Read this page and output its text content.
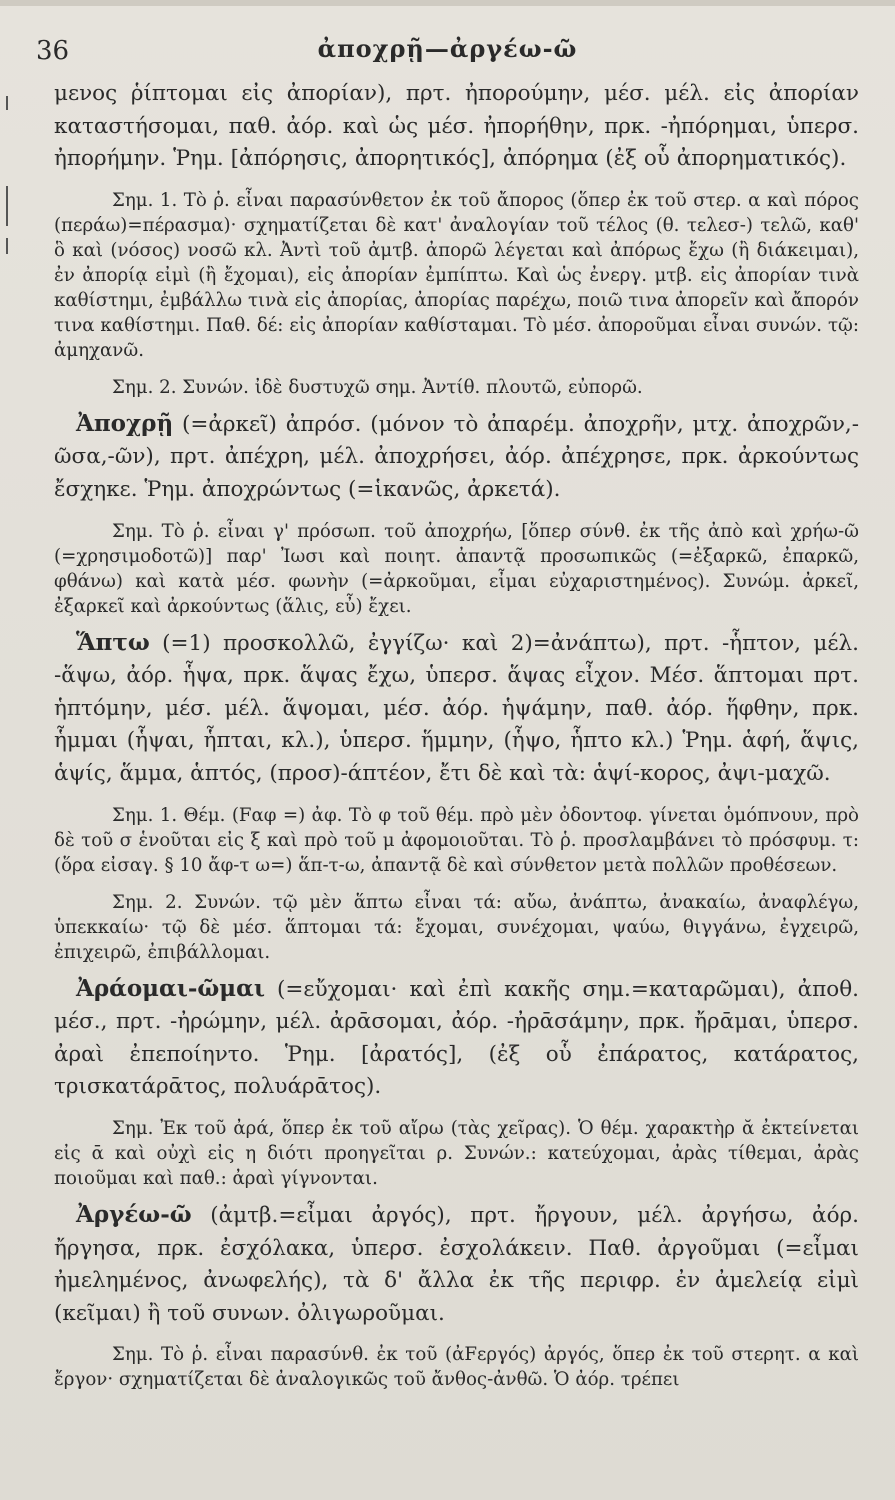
36	ἀποχρῇ—ἀργέω-ῶ

μενος ῥίπτομαι εἰς ἀπορίαν), πρτ. ἠπορούμην, μέσ. μέλ. εἰς ἀπορίαν καταστήσομαι, παθ. ἀόρ. καὶ ὡς μέσ. ἠπορήθην, πρκ. -ἠπόρημαι, ὑπερσ. ἠπορήμην. Ῥημ. [ἀπόρησις, ἀπορητικός], ἀπόρημα (ἐξ οὗ ἀπορηματικός).

Σημ. 1. Τὸ ῥ. εἶναι παρασύνθετον ἐκ τοῦ ἄπορος (ὅπερ ἐκ τοῦ στερ. α καὶ πόρος (περάω)=πέρασμα)· σχηματίζεται δὲ κατ' ἀναλογίαν τοῦ τέλος (θ. τελεσ-) τελῶ, καθ' ὃ καὶ (νόσος) νοσῶ κλ. Ἀντὶ τοῦ ἀμτβ. ἀπορῶ λέγεται καὶ ἀπόρως ἔχω (ἢ διάκειμαι), ἐν ἀπορίᾳ εἰμὶ (ἢ ἔχομαι), εἰς ἀπορίαν ἐμπίπτω. Καὶ ὡς ἐνεργ. μτβ. εἰς ἀπορίαν τινὰ καθίστημι, ἐμβάλλω τινὰ εἰς ἀπορίας, ἀπορίας παρέχω, ποιῶ τινα ἀπορεῖν καὶ ἄπορόν τινα καθίστημι. Παθ. δέ: εἰς ἀπορίαν καθίσταμαι. Τὸ μέσ. ἀποροῦμαι εἶναι συνών. τῷ: ἀμηχανῶ.

Σημ. 2. Συνών. ἰδὲ δυστυχῶ σημ. Ἀντίθ. πλουτῶ, εὐπορῶ.

Ἀποχρῇ (=ἀρκεῖ) ἀπρόσ. (μόνον τὸ ἀπαρέμ. ἀποχρῆν, μτχ. ἀποχρῶν,-ῶσα,-ῶν), πρτ. ἀπέχρη, μέλ. ἀποχρήσει, ἀόρ. ἀπέχρησε, πρκ. ἀρκούντως ἔσχηκε. Ῥημ. ἀποχρώντως (=ἱκανῶς, ἀρκετά).

Σημ. Τὸ ῥ. εἶναι γ' πρόσωπ. τοῦ ἀποχρήω, [ὅπερ σύνθ. ἐκ τῆς ἀπὸ καὶ χρήω-ῶ (=χρησιμοδοτῶ)] παρ' Ἰωσι καὶ ποιητ. ἀπαντᾷ προσωπικῶς (=ἐξαρκῶ, ἐπαρκῶ, φθάνω) καὶ κατὰ μέσ. φωνὴν (=ἀρκοῦμαι, εἶμαι εὐχαριστημένος). Συνώμ. ἀρκεῖ, ἐξαρκεῖ καὶ ἀρκούντως (ἅλις, εὖ) ἔχει.

Ἅπτω (=1) προσκολλῶ, ἐγγίζω· καὶ 2)=ἀνάπτω), πρτ. -ἧπτον, μέλ. -ἅψω, ἀόρ. ἧψα, πρκ. ἅψας ἔχω, ὑπερσ. ἅψας εἶχον. Μέσ. ἅπτομαι πρτ. ἡπτόμην, μέσ. μέλ. ἅψομαι, μέσ. ἀόρ. ἡψάμην, παθ. ἀόρ. ἥφθην, πρκ. ἧμμαι (ἧψαι, ἧπται, κλ.), ὑπερσ. ἥμμην, (ἧψο, ἧπτο κλ.) Ῥημ. ἁφή, ἅψις, ἁψίς, ἅμμα, ἁπτός, (προσ)-άπτέον, ἔτι δὲ καὶ τὰ: ἁψί-κορος, ἀψι-μαχῶ.

Σημ. 1. Θέμ. (Fαφ =) ἀφ. Τὸ φ τοῦ θέμ. πρὸ μὲν ὀδοντοφ. γίνεται ὁμόπνουν, πρὸ δὲ τοῦ σ ἑνοῦται εἰς ξ καὶ πρὸ τοῦ μ ἀφομοιοῦται. Τὸ ῥ. προσλαμβάνει τὸ πρόσφυμ. τ: (ὅρα εἰσαγ. § 10 ἄφ-τ ω=) ἅπ-τ-ω, ἀπαντᾷ δὲ καὶ σύνθετον μετὰ πολλῶν προθέσεων.

Σημ. 2. Συνών. τῷ μὲν ἅπτω εἶναι τά: αὔω, ἀνάπτω, ἀνακαίω, ἀναφλέγω, ὑπεκκαίω· τῷ δὲ μέσ. ἅπτομαι τά: ἔχομαι, συνέχομαι, ψαύω, θιγγάνω, ἐγχειρῶ, ἐπιχειρῶ, ἐπιβάλλομαι.

Ἀράομαι-ῶμαι (=εὔχομαι· καὶ ἐπὶ κακῆς σημ.=καταρῶμαι), ἀποθ. μέσ., πρτ. -ἠρώμην, μέλ. ἀρᾱσομαι, ἀόρ. -ἠρᾱσάμην, πρκ. ἤρᾱμαι, ὑπερσ. ἀραὶ ἐπεποίηντο. Ῥημ. [ἀρατός], (ἐξ οὗ ἐπάρατος, κατάρατος, τρισκατάρᾱτος, πολυάρᾱτος).

Σημ. Ἐκ τοῦ ἀρά, ὅπερ ἐκ τοῦ αἴρω (τὰς χεῖρας). Ὁ θέμ. χαρακτὴρ ᾰ ἐκτείνεται εἰς ᾱ καὶ οὐχὶ εἰς η διότι προηγεῖται ρ. Συνών.: κατεύχομαι, ἀρὰς τίθεμαι, ἀρὰς ποιοῦμαι καὶ παθ.: ἀραὶ γίγνονται.

Ἀργέω-ῶ (ἀμτβ.=εἶμαι ἀργός), πρτ. ἤργουν, μέλ. ἀργήσω, ἀόρ. ἤργησα, πρκ. ἐσχόλακα, ὑπερσ. ἐσχολάκειν. Παθ. ἀργοῦμαι (=εἶμαι ἠμελημένος, ἀνωφελής), τὰ δ' ἄλλα ἐκ τῆς περιφρ. ἐν ἀμελείᾳ εἰμὶ (κεῖμαι) ἢ τοῦ συνων. ὀλιγωροῦμαι.

Σημ. Τὸ ῥ. εἶναι παρασύνθ. ἐκ τοῦ (ἀFεργός) ἀργός, ὅπερ ἐκ τοῦ στερητ. α καὶ ἔργον· σχηματίζεται δὲ ἀναλογικῶς τοῦ ἄνθος-ἀνθῶ. Ὁ ἀόρ. τρέπει
